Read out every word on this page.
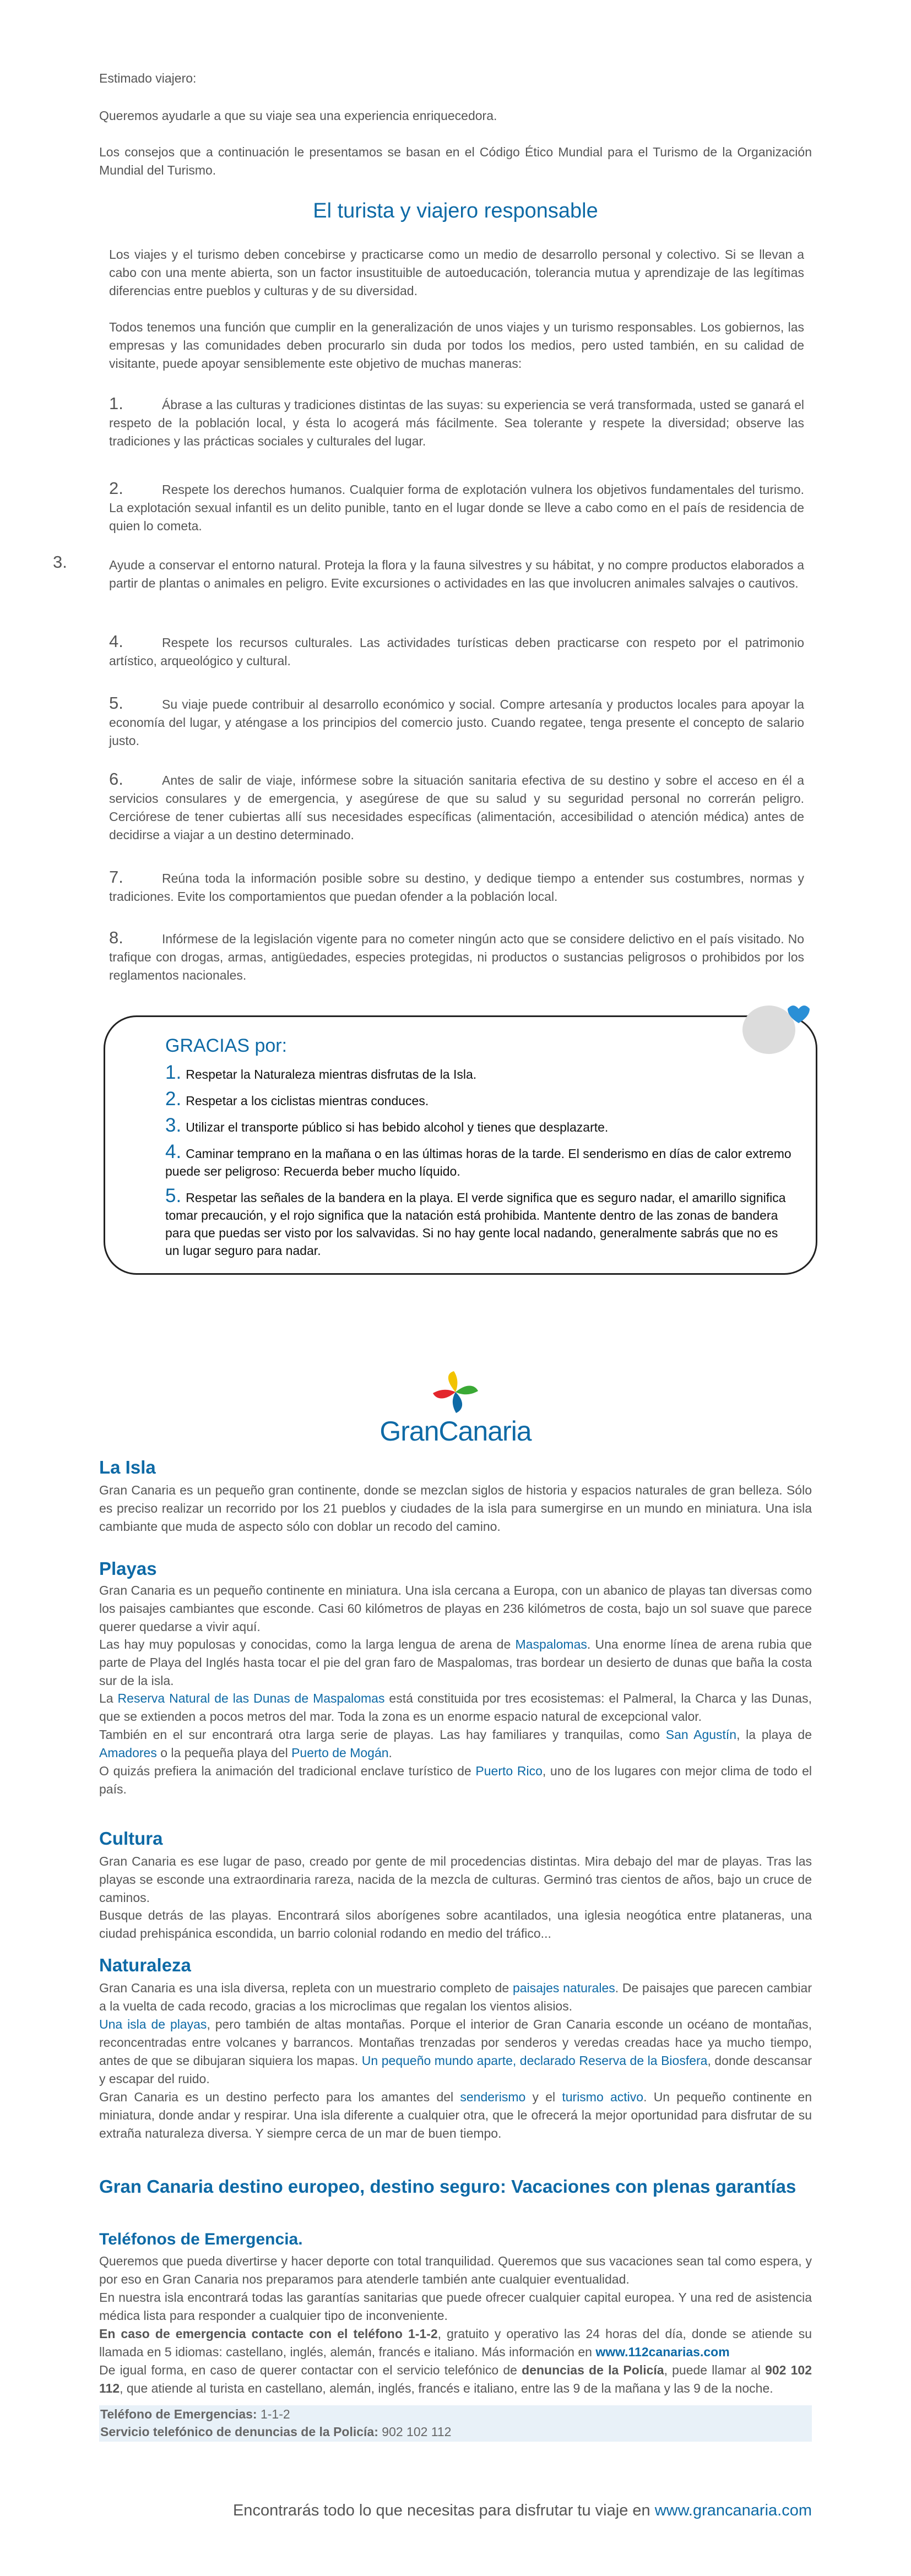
Estimado viajero:

Queremos ayudarle a que su viaje sea una experiencia enriquecedora.

Los consejos que a continuación le presentamos se basan en el Código Ético Mundial para el Turismo de la Organización Mundial del Turismo.

El turista y viajero responsable

Los viajes y el turismo deben concebirse y practicarse como un medio de desarrollo personal y colectivo. Si se llevan a cabo con una mente abierta, son un factor insustituible de autoeducación, tolerancia mutua y aprendizaje de las legítimas diferencias entre pueblos y culturas y de su diversidad.

Todos tenemos una función que cumplir en la generalización de unos viajes y un turismo responsables. Los gobiernos, las empresas y las comunidades deben procurarlo sin duda por todos los medios, pero usted también, en su calidad de visitante, puede apoyar sensiblemente este objetivo de muchas maneras:

1.	Ábrase a las culturas y tradiciones distintas de las suyas: su experiencia se verá transformada, usted se ganará el respeto de la población local, y ésta lo acogerá más fácilmente. Sea tolerante y respete la diversidad; observe las tradiciones y las prácticas sociales y culturales del lugar.

2.	Respete los derechos humanos. Cualquier forma de explotación vulnera los objetivos fundamentales del turismo. La explotación sexual infantil es un delito punible, tanto en el lugar donde se lleve a cabo como en el país de residencia de quien lo cometa.

3.	Ayude a conservar el entorno natural. Proteja la flora y la fauna silvestres y su hábitat, y no compre productos elaborados a partir de plantas o animales en peligro. Evite excursiones o actividades en las que involucren animales salvajes o cautivos.

4.	Respete los recursos culturales. Las actividades turísticas deben practicarse con respeto por el patrimonio artístico, arqueológico y cultural.

5.	Su viaje puede contribuir al desarrollo económico y social. Compre artesanía y productos locales para apoyar la economía del lugar, y aténgase a los principios del comercio justo. Cuando regatee, tenga presente el concepto de salario justo.

6.	Antes de salir de viaje, infórmese sobre la situación sanitaria efectiva de su destino y sobre el acceso en él a servicios consulares y de emergencia, y asegúrese de que su salud y su seguridad personal no correrán peligro. Cerciórese de tener cubiertas allí sus necesidades específicas (alimentación, accesibilidad o atención médica) antes de decidirse a viajar a un destino determinado.

7.	Reúna toda la información posible sobre su destino, y dedique tiempo a entender sus costumbres, normas y tradiciones. Evite los comportamientos que puedan ofender a la población local.

8.	Infórmese de la legislación vigente para no cometer ningún acto que se considere delictivo en el país visitado. No trafique con drogas, armas, antigüedades, especies protegidas, ni productos o sustancias peligrosos o prohibidos por los reglamentos nacionales.

GRACIAS por:
1. Respetar la Naturaleza mientras disfrutas de la Isla.
2. Respetar a los ciclistas mientras conduces.
3. Utilizar el transporte público si has bebido alcohol y tienes que desplazarte.
4. Caminar temprano en la mañana o en las últimas horas de la tarde. El senderismo en días de calor extremo puede ser peligroso: Recuerda beber mucho líquido.
5. Respetar las señales de la bandera en la playa. El verde significa que es seguro nadar, el amarillo significa tomar precaución, y el rojo significa que la natación está prohibida. Mantente dentro de las zonas de bandera para que puedas ser visto por los salvavidas. Si no hay gente local nadando, generalmente sabrás que no es un lugar seguro para nadar.
GranCanaria
La Isla

Gran Canaria es un pequeño gran continente, donde se mezclan siglos de historia y espacios naturales de gran belleza. Sólo es preciso realizar un recorrido por los 21 pueblos y ciudades de la isla para sumergirse en un mundo en miniatura. Una isla cambiante que muda de aspecto sólo con doblar un recodo del camino.

Playas

Gran Canaria es un pequeño continente en miniatura. Una isla cercana a Europa, con un abanico de playas tan diversas como los paisajes cambiantes que esconde. Casi 60 kilómetros de playas en 236 kilómetros de costa, bajo un sol suave que parece querer quedarse a vivir aquí.

Las hay muy populosas y conocidas, como la larga lengua de arena de Maspalomas. Una enorme línea de arena rubia que parte de Playa del Inglés hasta tocar el pie del gran faro de Maspalomas, tras bordear un desierto de dunas que baña la costa sur de la isla.

La Reserva Natural de las Dunas de Maspalomas está constituida por tres ecosistemas: el Palmeral, la Charca y las Dunas, que se extienden a pocos metros del mar. Toda la zona es un enorme espacio natural de excepcional valor.

También en el sur encontrará otra larga serie de playas. Las hay familiares y tranquilas, como San Agustín, la playa de Amadores o la pequeña playa del Puerto de Mogán.

O quizás prefiera la animación del tradicional enclave turístico de Puerto Rico, uno de los lugares con mejor clima de todo el país.

Cultura

Gran Canaria es ese lugar de paso, creado por gente de mil procedencias distintas. Mira debajo del mar de playas. Tras las playas se esconde una extraordinaria rareza, nacida de la mezcla de culturas. Germinó tras cientos de años, bajo un cruce de caminos.

Busque detrás de las playas. Encontrará silos aborígenes sobre acantilados, una iglesia neogótica entre plataneras, una ciudad prehispánica escondida, un barrio colonial rodando en medio del tráfico...

Naturaleza

Gran Canaria es una isla diversa, repleta con un muestrario completo de paisajes naturales. De paisajes que parecen cambiar a la vuelta de cada recodo, gracias a los microclimas que regalan los vientos alisios.

Una isla de playas, pero también de altas montañas. Porque el interior de Gran Canaria esconde un océano de montañas, reconcentradas entre volcanes y barrancos. Montañas trenzadas por senderos y veredas creadas hace ya mucho tiempo, antes de que se dibujaran siquiera los mapas. Un pequeño mundo aparte, declarado Reserva de la Biosfera, donde descansar y escapar del ruido.

Gran Canaria es un destino perfecto para los amantes del senderismo y el turismo activo. Un pequeño continente en miniatura, donde andar y respirar. Una isla diferente a cualquier otra, que le ofrecerá la mejor oportunidad para disfrutar de su extraña naturaleza diversa. Y siempre cerca de un mar de buen tiempo.

Gran Canaria destino europeo, destino seguro: Vacaciones con plenas garantías
Teléfonos de Emergencia.

Queremos que pueda divertirse y hacer deporte con total tranquilidad. Queremos que sus vacaciones sean tal como espera, y por eso en Gran Canaria nos preparamos para atenderle también ante cualquier eventualidad.

En nuestra isla encontrará todas las garantías sanitarias que puede ofrecer cualquier capital europea. Y una red de asistencia médica lista para responder a cualquier tipo de inconveniente.

En caso de emergencia contacte con el teléfono 1-1-2, gratuito y operativo las 24 horas del día, donde se atiende su llamada en 5 idiomas: castellano, inglés, alemán, francés e italiano. Más información en www.112canarias.com

De igual forma, en caso de querer contactar con el servicio telefónico de denuncias de la Policía, puede llamar al 902 102 112, que atiende al turista en castellano, alemán, inglés, francés e italiano, entre las 9 de la mañana y las 9 de la noche.

Teléfono de Emergencias: 1-1-2
Servicio telefónico de denuncias de la Policía: 902 102 112
Encontrarás todo lo que necesitas para disfrutar tu viaje en www.grancanaria.com
